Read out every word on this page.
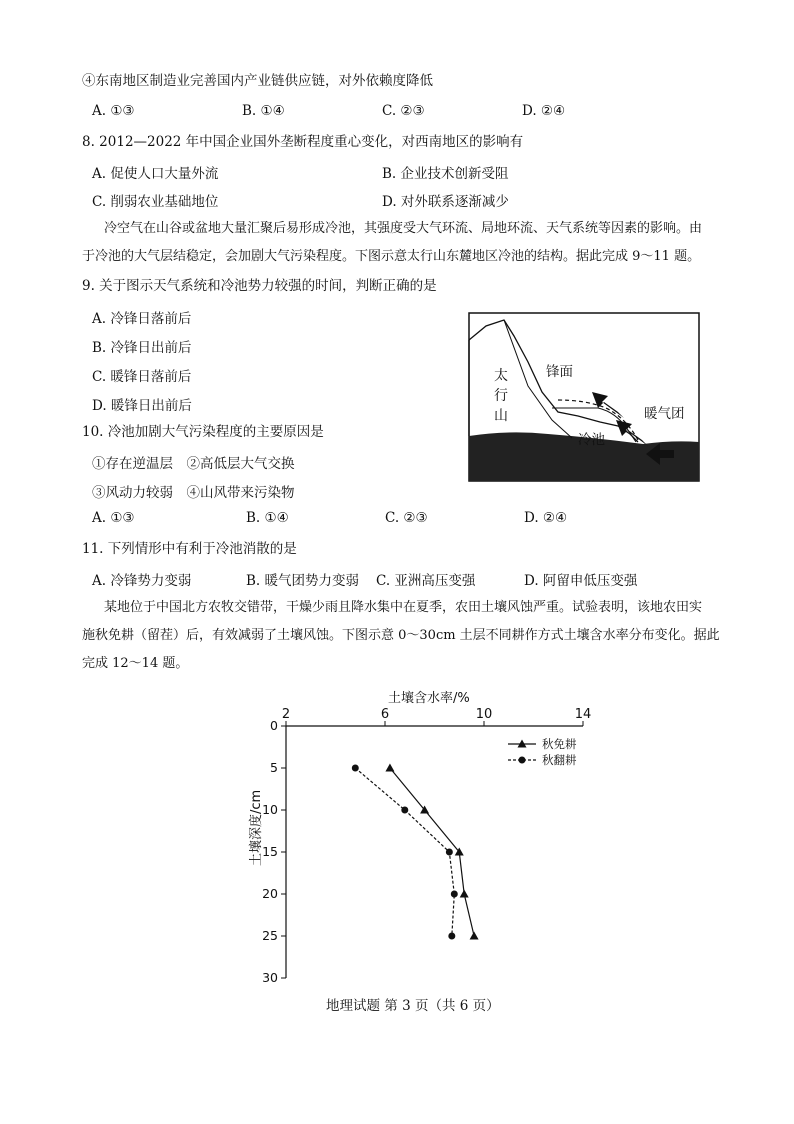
④东南地区制造业完善国内产业链供应链，对外依赖度降低
A. ①③	B. ①④	C. ②③	D. ②④
8. 2012—2022 年中国企业国外垄断程度重心变化，对西南地区的影响有
A. 促使人口大量外流	B. 企业技术创新受阻
C. 削弱农业基础地位	D. 对外联系逐渐减少
冷空气在山谷或盆地大量汇聚后易形成冷池，其强度受大气环流、局地环流、天气系统等因素的影响。由
于冷池的大气层结稳定，会加剧大气污染程度。下图示意太行山东麓地区冷池的结构。据此完成 9～11 题。
9. 关于图示天气系统和冷池势力较强的时间，判断正确的是
A. 冷锋日落前后
B. 冷锋日出前后
C. 暖锋日落前后
D. 暖锋日出前后
太
行
山
锋面
暖气团
冷池
10. 冷池加剧大气污染程度的主要原因是
①存在逆温层　②高低层大气交换
③风动力较弱　④山风带来污染物
A. ①③	B. ①④	C. ②③	D. ②④
11. 下列情形中有利于冷池消散的是
A. 冷锋势力变弱	B. 暖气团势力变弱 C. 亚洲高压变强	D. 阿留申低压变强
某地位于中国北方农牧交错带，干燥少雨且降水集中在夏季，农田土壤风蚀严重。试验表明，该地农田实
施秋免耕（留茬）后，有效减弱了土壤风蚀。下图示意 0～30cm 土层不同耕作方式土壤含水率分布变化。据此
完成 12～14 题。
土壤含水率/%
2	6	10	14
0
5
10
15
20
25
30
秋免耕
秋翻耕
土壤深度/cm
地理试题 第 3 页（共 6 页）
